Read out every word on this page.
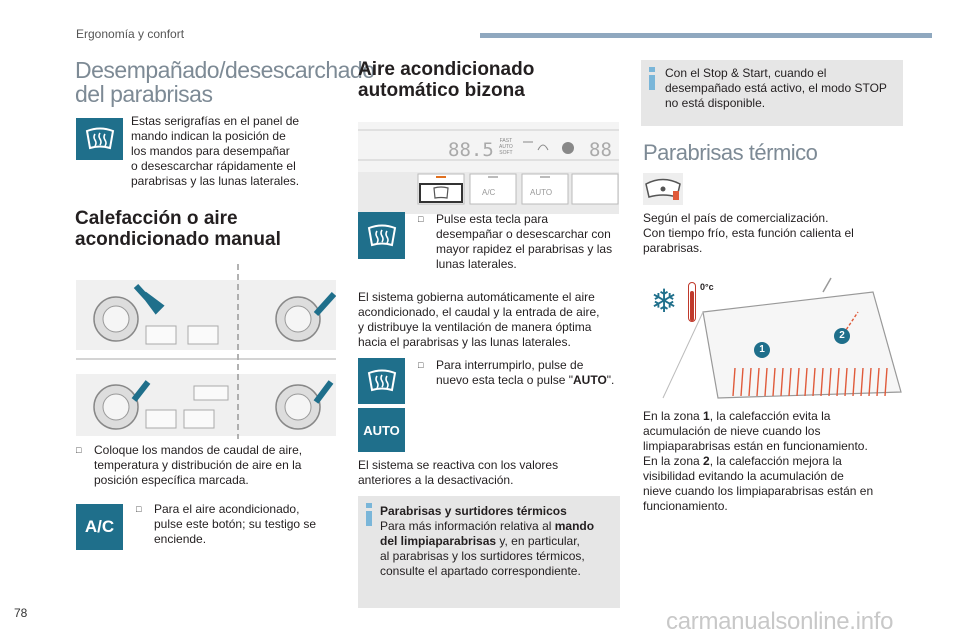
Ergonomía y confort
Desempañado/desescarchado
del parabrisas
Estas serigrafías en el panel de
mando indican la posición de
los mandos para desempañar
o desescarchar rápidamente el
parabrisas y las lunas laterales.
Calefacción o aire
acondicionado manual
□ Coloque los mandos de caudal de aire,
temperatura y distribución de aire en la
posición específica marcada.
A/C
□ Para el aire acondicionado,
pulse este botón; su testigo se
enciende.
Aire acondicionado
automático bizona
88.5 FAST
AUTO
SOFT	88
A/C	AUTO
□ Pulse esta tecla para
desempañar o desescarchar con
mayor rapidez el parabrisas y las
lunas laterales.
El sistema gobierna automáticamente el aire
acondicionado, el caudal y la entrada de aire,
y distribuye la ventilación de manera óptima
hacia el parabrisas y las lunas laterales.
AUTO
□ Para interrumpirlo, pulse de
nuevo esta tecla o pulse "AUTO".
El sistema se reactiva con los valores
anteriores a la desactivación.
Parabrisas y surtidores térmicos
Para más información relativa al mando
del limpiaparabrisas y, en particular,
al parabrisas y los surtidores térmicos,
consulte el apartado correspondiente.
Con el Stop & Start, cuando el
desempañado está activo, el modo STOP
no está disponible.
Parabrisas térmico
Según el país de comercialización.
Con tiempo frío, esta función calienta el
parabrisas.
❄	0°c
1
2
En la zona 1, la calefacción evita la
acumulación de nieve cuando los
limpiaparabrisas están en funcionamiento.
En la zona 2, la calefacción mejora la
visibilidad evitando la acumulación de
nieve cuando los limpiaparabrisas están en
funcionamiento.
78	carmanualsonline.info
